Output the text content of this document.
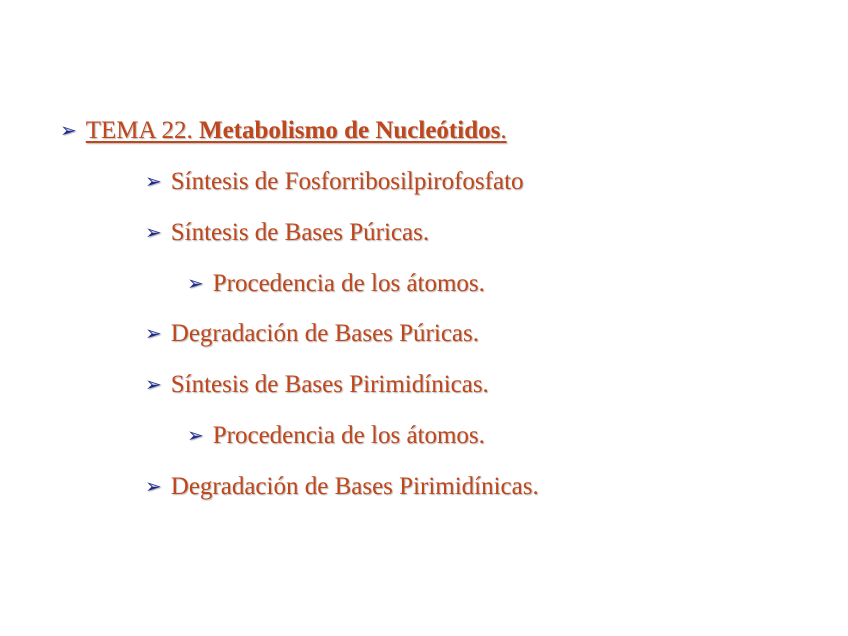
➢ TEMA 22. Metabolismo de Nucleótidos.
➢ Síntesis de Fosforribosilpirofosfato
➢ Síntesis de Bases Púricas.
➢ Procedencia de los átomos.
➢ Degradación de Bases Púricas.
➢ Síntesis de Bases Pirimidínicas.
➢ Procedencia de los átomos.
➢ Degradación de Bases Pirimidínicas.
